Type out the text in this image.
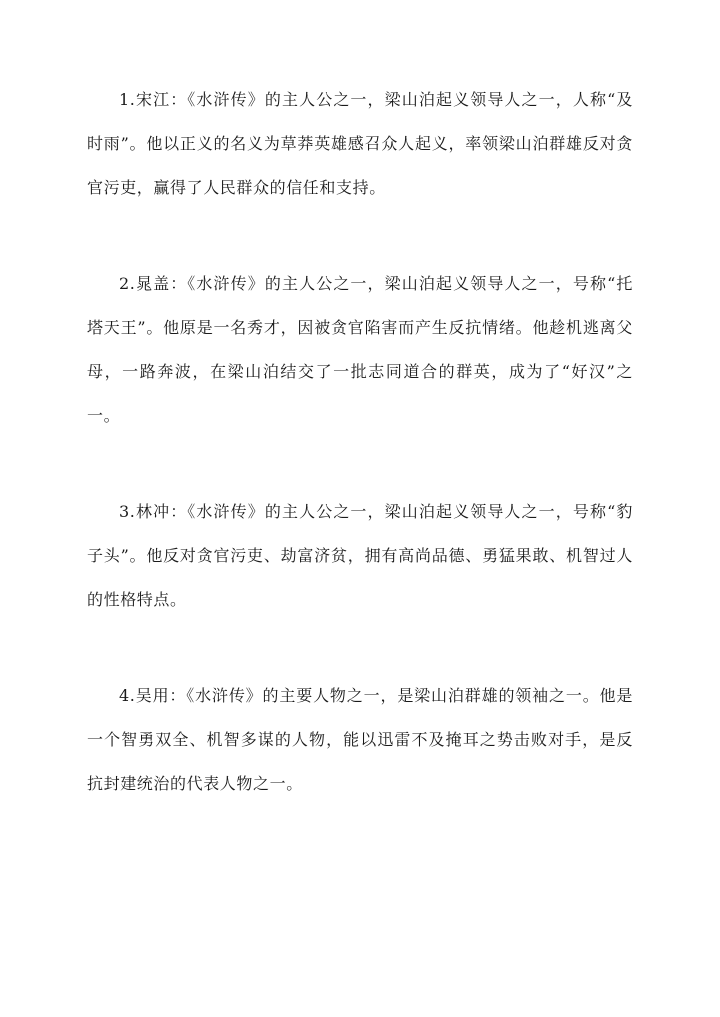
1.宋江：《水浒传》的主人公之一，梁山泊起义领导人之一，人称“及时雨”。他以正义的名义为草莽英雄感召众人起义，率领梁山泊群雄反对贪官污吏，赢得了人民群众的信任和支持。

2.晁盖：《水浒传》的主人公之一，梁山泊起义领导人之一，号称“托塔天王”。他原是一名秀才，因被贪官陷害而产生反抗情绪。他趁机逃离父母，一路奔波，在梁山泊结交了一批志同道合的群英，成为了“好汉”之一。

3.林冲：《水浒传》的主人公之一，梁山泊起义领导人之一，号称“豹子头”。他反对贪官污吏、劫富济贫，拥有高尚品德、勇猛果敢、机智过人的性格特点。

4.吴用：《水浒传》的主要人物之一，是梁山泊群雄的领袖之一。他是一个智勇双全、机智多谋的人物，能以迅雷不及掩耳之势击败对手，是反抗封建统治的代表人物之一。
